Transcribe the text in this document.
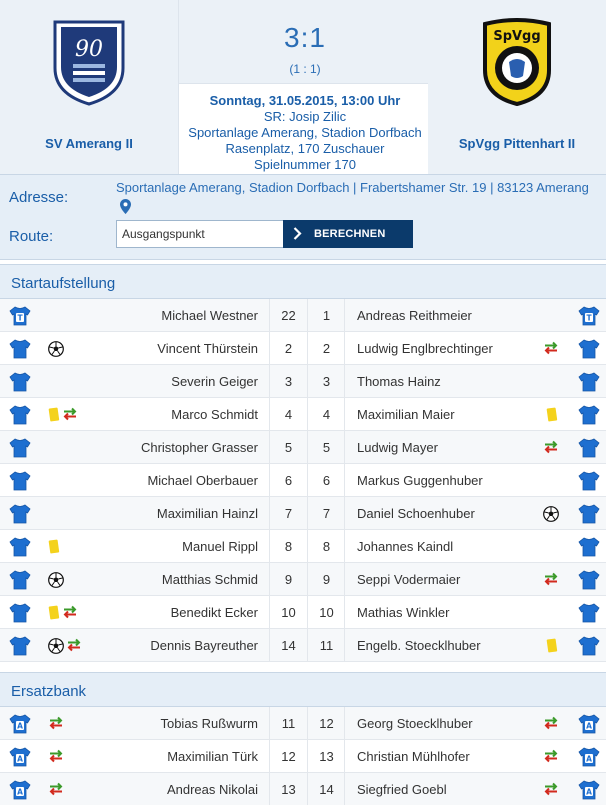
90
SV Amerang II
3:1
(1 : 1)
Sonntag, 31.05.2015, 13:00 Uhr
SR: Josip Zilic
Sportanlage Amerang, Stadion Dorfbach
Rasenplatz, 170 Zuschauer
Spielnummer 170
SpVgg
SpVgg Pittenhart II
Adresse:
Sportanlage Amerang, Stadion Dorfbach | Frabertshamer Str. 19 | 83123 Amerang
Route:
Ausgangspunkt	BERECHNEN
Startaufstellung
T	Michael Westner	22	1	Andreas Reithmeier	T
Vincent Thürstein	2	2	Ludwig Englbrechtinger
Severin Geiger	3	3	Thomas Hainz
Marco Schmidt	4	4	Maximilian Maier
Christopher Grasser	5	5	Ludwig Mayer
Michael Oberbauer	6	6	Markus Guggenhuber
Maximilian Hainzl	7	7	Daniel Schoenhuber
Manuel Rippl	8	8	Johannes Kaindl
Matthias Schmid	9	9	Seppi Vodermaier
Benedikt Ecker	10	10	Mathias Winkler
Dennis Bayreuther	14	11	Engelb. Stoecklhuber
Ersatzbank
A	Tobias Rußwurm	11	12	Georg Stoecklhuber	A
A	Maximilian Türk	12	13	Christian Mühlhofer	A
A	Andreas Nikolai	13	14	Siegfried Goebl	A
